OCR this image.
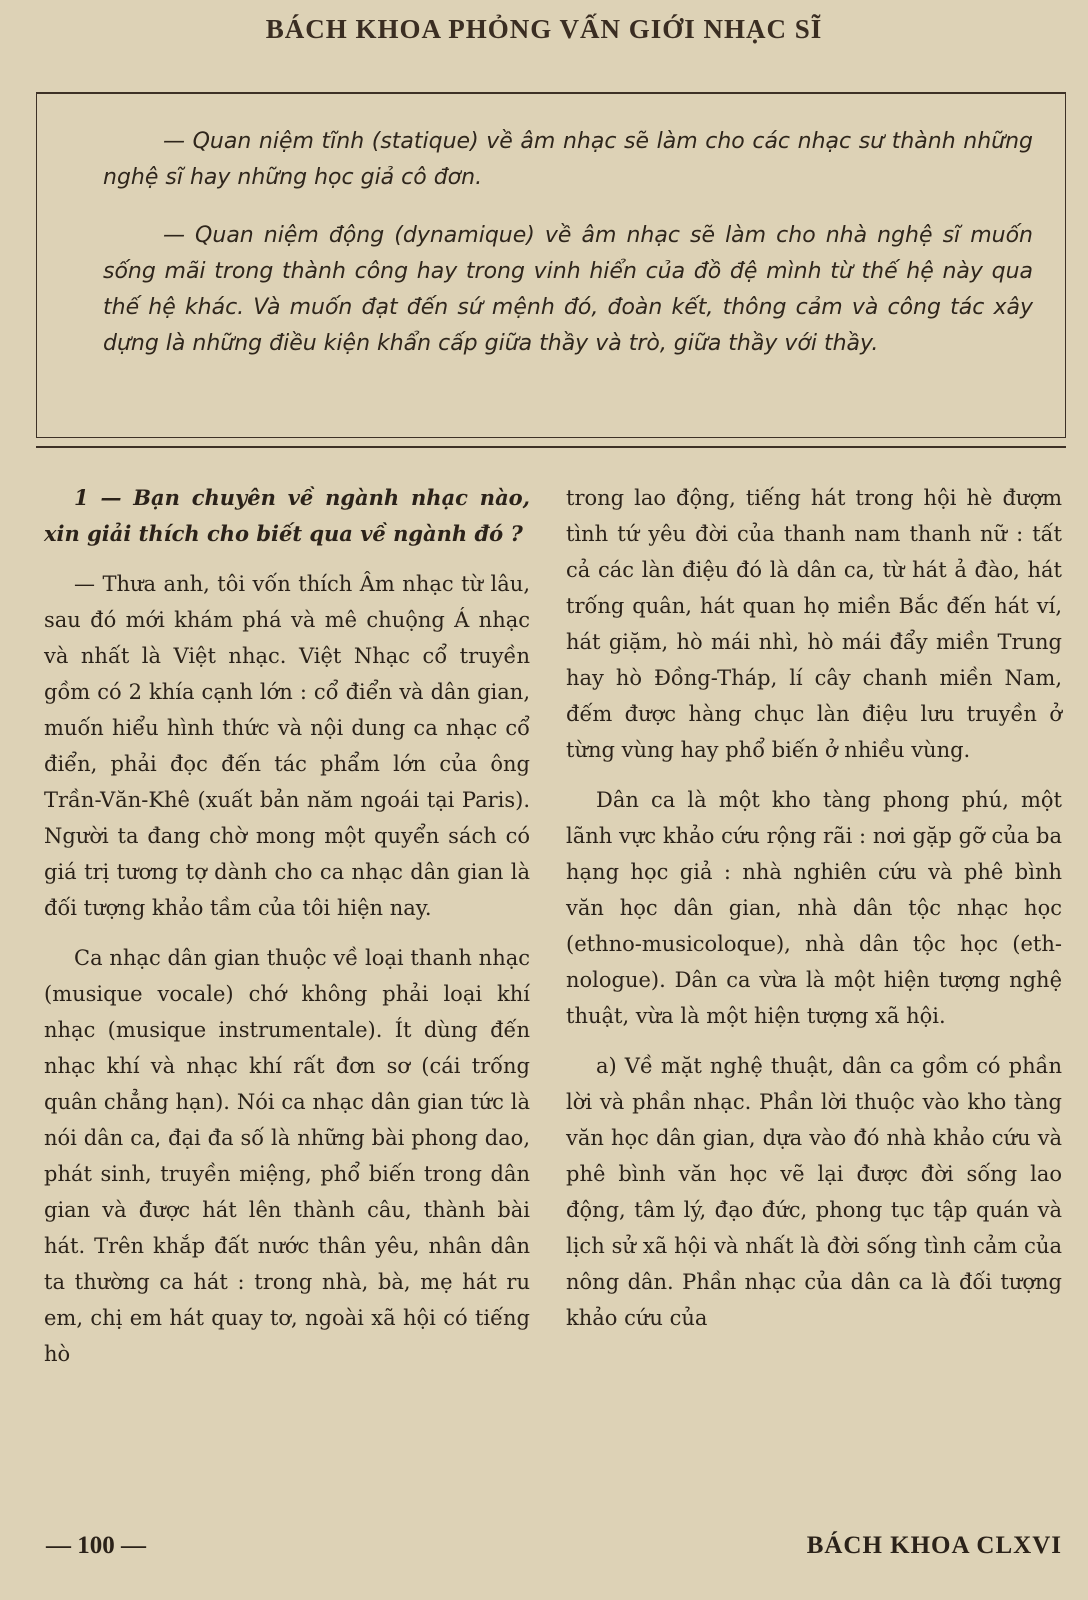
BÁCH KHOA PHỎNG VẤN GIỚI NHẠC SĨ

— Quan niệm tĩnh (statique) về âm nhạc sẽ làm cho các nhạc sư thành những nghệ sĩ hay những học giả cô đơn.

— Quan niệm động (dynamique) về âm nhạc sẽ làm cho nhà nghệ sĩ muốn sống mãi trong thành công hay trong vinh hiển của đồ đệ mình từ thế hệ này qua thế hệ khác. Và muốn đạt đến sứ mệnh đó, đoàn kết, thông cảm và công tác xây dựng là những điều kiện khẩn cấp giữa thầy và trò, giữa thầy với thầy.

1 — Bạn chuyên về ngành nhạc nào, xin giải thích cho biết qua về ngành đó ?

— Thưa anh, tôi vốn thích Âm nhạc từ lâu, sau đó mới khám phá và mê chuộng Á nhạc và nhất là Việt nhạc. Việt Nhạc cổ truyền gồm có 2 khía cạnh lớn : cổ điển và dân gian, muốn hiểu hình thức và nội dung ca nhạc cổ điển, phải đọc đến tác phẩm lớn của ông Trần-Văn-Khê (xuất bản năm ngoái tại Paris). Người ta đang chờ mong một quyển sách có giá trị tương tợ dành cho ca nhạc dân gian là đối tượng khảo tầm của tôi hiện nay.

Ca nhạc dân gian thuộc về loại thanh nhạc (musique vocale) chớ không phải loại khí nhạc (musique instrumentale). Ít dùng đến nhạc khí và nhạc khí rất đơn sơ (cái trống quân chẳng hạn). Nói ca nhạc dân gian tức là nói dân ca, đại đa số là những bài phong dao, phát sinh, truyền miệng, phổ biến trong dân gian và được hát lên thành câu, thành bài hát. Trên khắp đất nước thân yêu, nhân dân ta thường ca hát : trong nhà, bà, mẹ hát ru em, chị em hát quay tơ, ngoài xã hội có tiếng hò

trong lao động, tiếng hát trong hội hè đượm tình tứ yêu đời của thanh nam thanh nữ : tất cả các làn điệu đó là dân ca, từ hát ả đào, hát trống quân, hát quan họ miền Bắc đến hát ví, hát giặm, hò mái nhì, hò mái đẩy miền Trung hay hò Đồng-Tháp, lí cây chanh miền Nam, đếm được hàng chục làn điệu lưu truyền ở từng vùng hay phổ biến ở nhiều vùng.

Dân ca là một kho tàng phong phú, một lãnh vực khảo cứu rộng rãi : nơi gặp gỡ của ba hạng học giả : nhà nghiên cứu và phê bình văn học dân gian, nhà dân tộc nhạc học (ethno-musicoloque), nhà dân tộc học (eth-nologue). Dân ca vừa là một hiện tượng nghệ thuật, vừa là một hiện tượng xã hội.

a) Về mặt nghệ thuật, dân ca gồm có phần lời và phần nhạc. Phần lời thuộc vào kho tàng văn học dân gian, dựa vào đó nhà khảo cứu và phê bình văn học vẽ lại được đời sống lao động, tâm lý, đạo đức, phong tục tập quán và lịch sử xã hội và nhất là đời sống tình cảm của nông dân. Phần nhạc của dân ca là đối tượng khảo cứu của

— 100 —	BÁCH KHOA CLXVI
